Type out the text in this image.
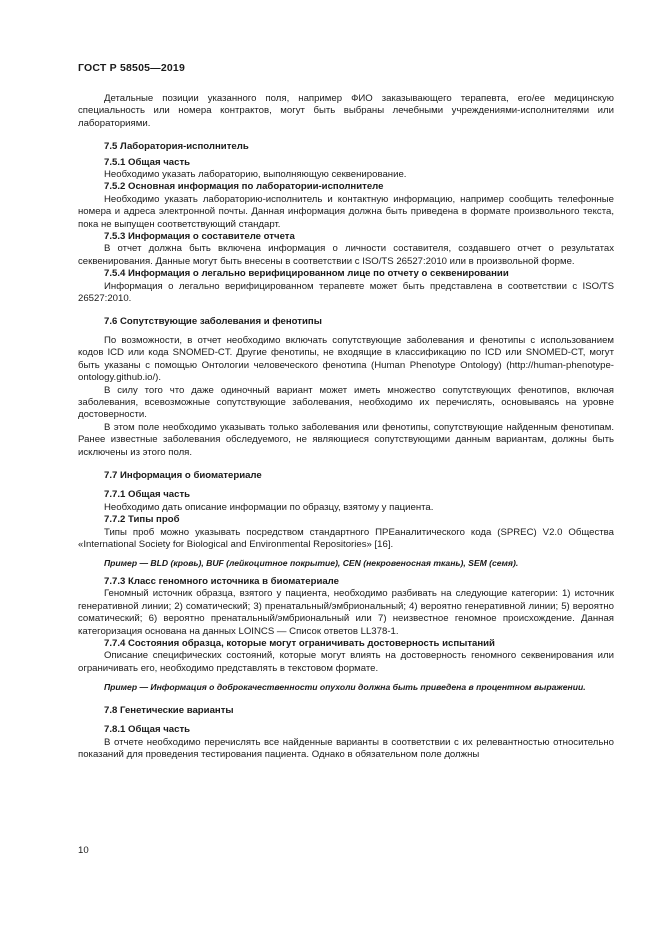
ГОСТ Р 58505—2019

Детальные позиции указанного поля, например ФИО заказывающего терапевта, его/ее медицинскую специальность или номера контрактов, могут быть выбраны лечебными учреждениями-исполнителями или лабораториями.

7.5 Лаборатория-исполнитель
7.5.1 Общая часть

Необходимо указать лабораторию, выполняющую секвенирование.

7.5.2 Основная информация по лаборатории-исполнителе

Необходимо указать лабораторию-исполнитель и контактную информацию, например сообщить телефонные номера и адреса электронной почты. Данная информация должна быть приведена в формате произвольного текста, пока не выпущен соответствующий стандарт.

7.5.3 Информация о составителе отчета

В отчет должна быть включена информация о личности составителя, создавшего отчет о результатах секвенирования. Данные могут быть внесены в соответствии с ISO/TS 26527:2010 или в произвольной форме.

7.5.4 Информация о легально верифицированном лице по отчету о секвенировании

Информация о легально верифицированном терапевте может быть представлена в соответствии с ISO/TS 26527:2010.

7.6 Сопутствующие заболевания и фенотипы

По возможности, в отчет необходимо включать сопутствующие заболевания и фенотипы с использованием кодов ICD или кода SNOMED-CT. Другие фенотипы, не входящие в классификацию по ICD или SNOMED-CT, могут быть указаны с помощью Онтологии человеческого фенотипа (Human Phenotype Ontology) (http://human-phenotype-ontology.github.io/).

В силу того что даже одиночный вариант может иметь множество сопутствующих фенотипов, включая заболевания, всевозможные сопутствующие заболевания, необходимо их перечислять, основываясь на уровне достоверности.

В этом поле необходимо указывать только заболевания или фенотипы, сопутствующие найденным фенотипам. Ранее известные заболевания обследуемого, не являющиеся сопутствующими данным вариантам, должны быть исключены из этого поля.

7.7 Информация о биоматериале
7.7.1 Общая часть

Необходимо дать описание информации по образцу, взятому у пациента.

7.7.2 Типы проб

Типы проб можно указывать посредством стандартного ПРЕаналитического кода (SPREC) V2.0 Общества «International Society for Biological and Environmental Repositories» [16].

Пример — BLD (кровь), BUF (лейкоцитное покрытие), CEN (некровеносная ткань), SEM (семя).

7.7.3 Класс геномного источника в биоматериале

Геномный источник образца, взятого у пациента, необходимо разбивать на следующие категории: 1) источник генеративной линии; 2) соматический; 3) пренатальный/эмбриональный; 4) вероятно генеративной линии; 5) вероятно соматический; 6) вероятно пренатальный/эмбриональный или 7) неизвестное геномное происхождение. Данная категоризация основана на данных LOINCS — Список ответов LL378-1.

7.7.4 Состояния образца, которые могут ограничивать достоверность испытаний

Описание специфических состояний, которые могут влиять на достоверность геномного секвенирования или ограничивать его, необходимо представлять в текстовом формате.

Пример — Информация о доброкачественности опухоли должна быть приведена в процентном выражении.

7.8 Генетические варианты
7.8.1 Общая часть

В отчете необходимо перечислять все найденные варианты в соответствии с их релевантностью относительно показаний для проведения тестирования пациента. Однако в обязательном поле должны

10
